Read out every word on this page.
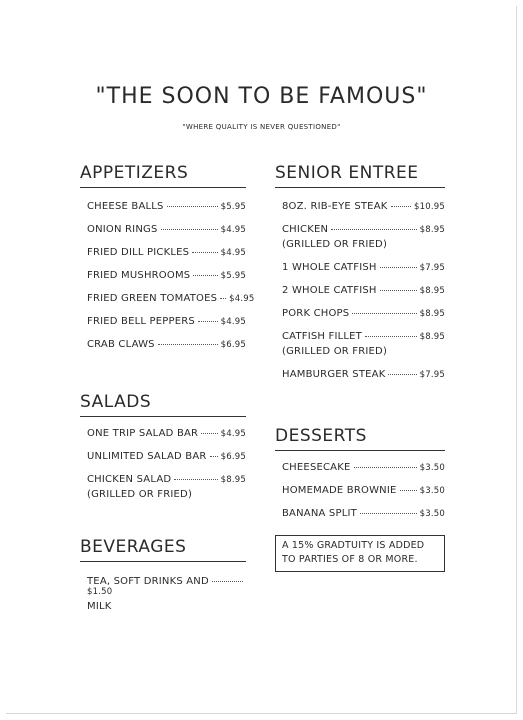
"THE SOON TO BE FAMOUS"
"WHERE QUALITY IS NEVER QUESTIONED"
APPETIZERS
CHEESE BALLS	$5.95
ONION RINGS	$4.95
FRIED DILL PICKLES	$4.95
FRIED MUSHROOMS	$5.95
FRIED GREEN TOMATOES $4.95
FRIED BELL PEPPERS	$4.95
CRAB CLAWS	$6.95
SALADS
ONE TRIP SALAD BAR	$4.95
UNLIMITED SALAD BAR $6.95
CHICKEN SALAD	$8.95
(GRILLED OR FRIED)
BEVERAGES
TEA, SOFT DRINKS AND
$1.50
MILK
SENIOR ENTREE
8OZ. RIB-EYE STEAK	$10.95
CHICKEN	$8.95
(GRILLED OR FRIED)
1 WHOLE CATFISH	$7.95
2 WHOLE CATFISH	$8.95
PORK CHOPS	$8.95
CATFISH FILLET	$8.95
(GRILLED OR FRIED)
HAMBURGER STEAK	$7.95
DESSERTS
CHEESECAKE	$3.50
HOMEMADE BROWNIE	$3.50
BANANA SPLIT	$3.50
A 15% GRADTUITY IS ADDED TO PARTIES OF 8 OR MORE.
